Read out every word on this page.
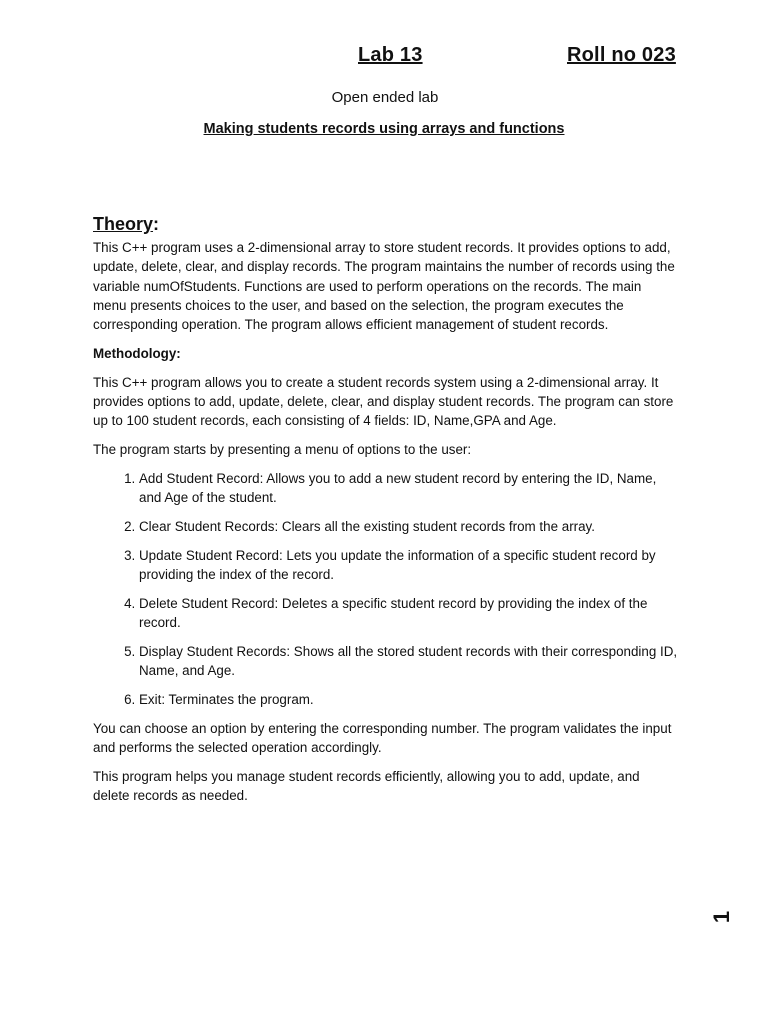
Lab 13	Roll no 023
Open ended lab
Making students records using arrays and functions
Theory:

This C++ program uses a 2-dimensional array to store student records. It provides options to add, update, delete, clear, and display records. The program maintains the number of records using the variable numOfStudents. Functions are used to perform operations on the records. The main menu presents choices to the user, and based on the selection, the program executes the corresponding operation. The program allows efficient management of student records.

Methodology:

This C++ program allows you to create a student records system using a 2-dimensional array. It provides options to add, update, delete, clear, and display student records. The program can store up to 100 student records, each consisting of 4 fields: ID, Name,GPA and Age.

The program starts by presenting a menu of options to the user:

1. Add Student Record: Allows you to add a new student record by entering the ID, Name, and Age of the student.
2. Clear Student Records: Clears all the existing student records from the array.
3. Update Student Record: Lets you update the information of a specific student record by providing the index of the record.
4. Delete Student Record: Deletes a specific student record by providing the index of the record.
5. Display Student Records: Shows all the stored student records with their corresponding ID, Name, and Age.
6. Exit: Terminates the program.

You can choose an option by entering the corresponding number. The program validates the input and performs the selected operation accordingly.

This program helps you manage student records efficiently, allowing you to add, update, and delete records as needed.

1
